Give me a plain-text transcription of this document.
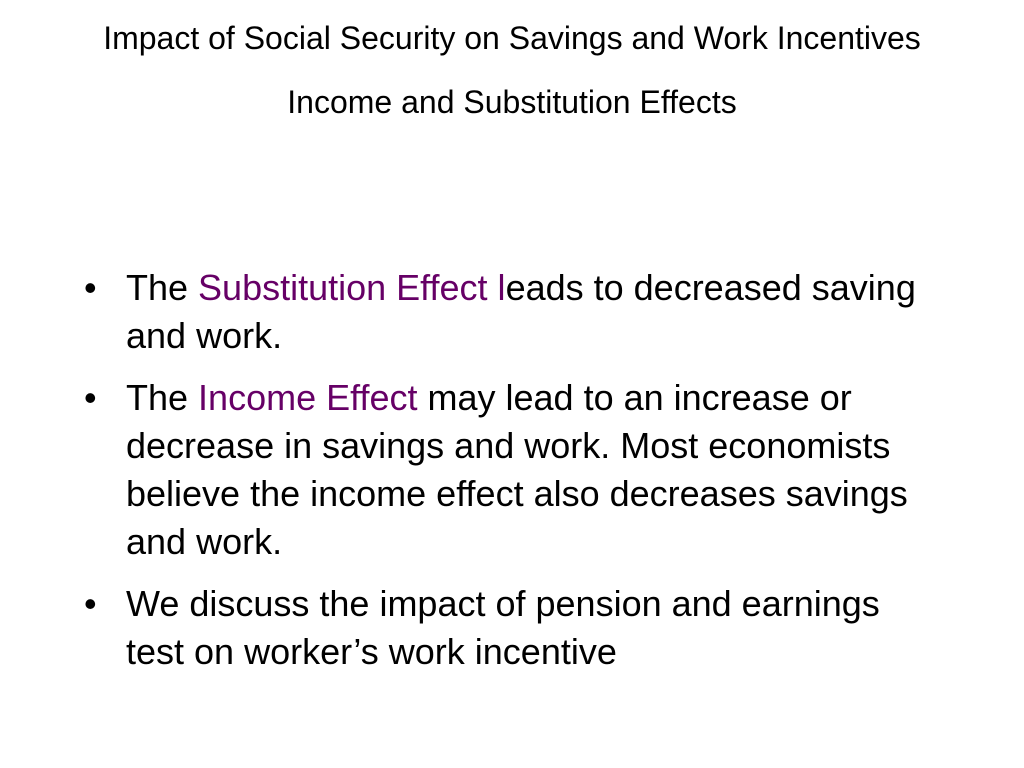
Impact of Social Security on Savings and Work Incentives
Income and Substitution Effects
• The Substitution Effect leads to decreased saving and work.
• The Income Effect may lead to an increase or decrease in savings and work. Most economists believe the income effect also decreases savings and work.
• We discuss the impact of pension and earnings test on worker’s work incentive
